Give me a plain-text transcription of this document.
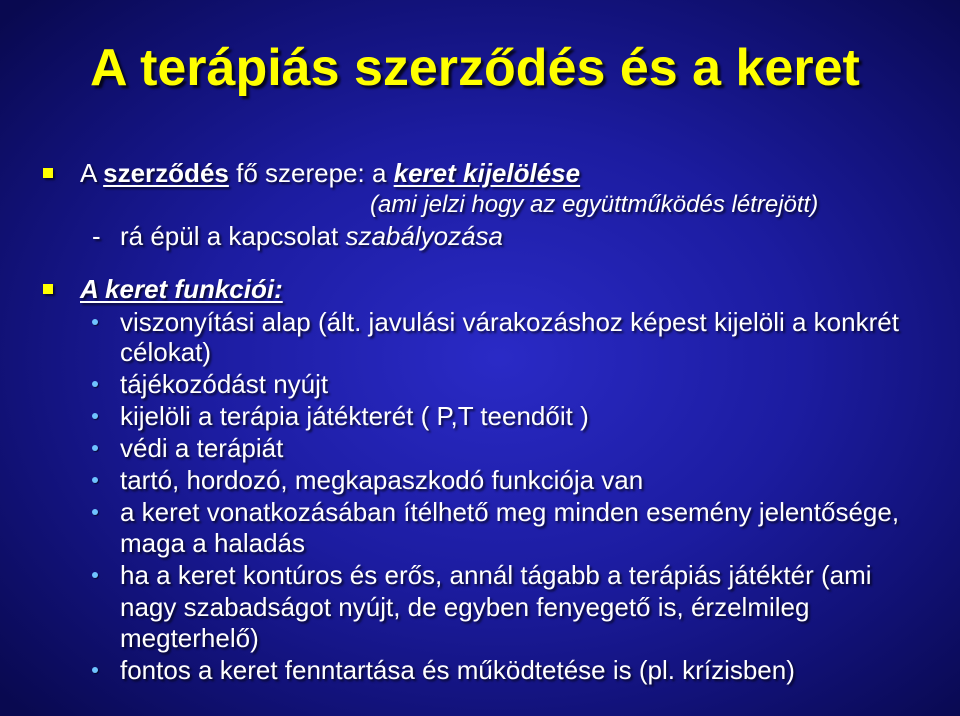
A terápiás szerződés és a keret
A szerződés fő szerepe: a keret kijelölése
(ami jelzi hogy az együttműködés létrejött)
- rá épül a kapcsolat szabályozása
A keret funkciói:
viszonyítási alap (ált. javulási várakozáshoz képest kijelöli a konkrét
célokat)
tájékozódást nyújt
kijelöli a terápia játékterét ( P,T teendőit )
védi a terápiát
tartó, hordozó, megkapaszkodó funkciója van
a keret vonatkozásában ítélhető meg minden esemény jelentősége,
maga a haladás
ha a keret kontúros és erős, annál tágabb a terápiás játéktér (ami
nagy szabadságot nyújt, de egyben fenyegető is, érzelmileg
megterhelő)
fontos a keret fenntartása és működtetése is (pl. krízisben)
